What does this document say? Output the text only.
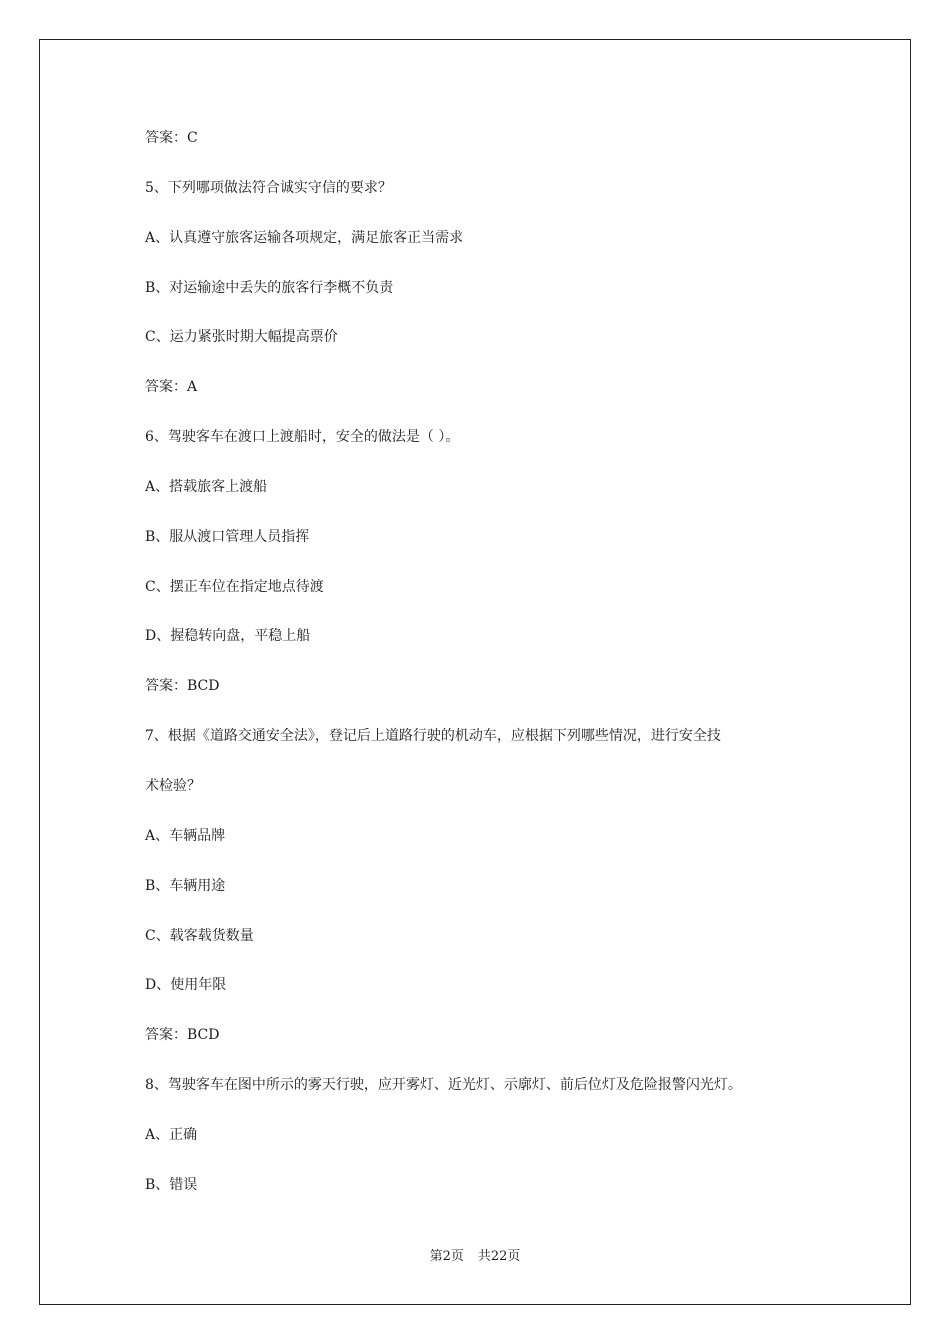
答案：C
5、下列哪项做法符合诚实守信的要求？
A、认真遵守旅客运输各项规定，满足旅客正当需求
B、对运输途中丢失的旅客行李概不负责
C、运力紧张时期大幅提高票价
答案：A
6、驾驶客车在渡口上渡船时，安全的做法是（ ）。
A、搭载旅客上渡船
B、服从渡口管理人员指挥
C、摆正车位在指定地点待渡
D、握稳转向盘，平稳上船
答案：BCD
7、根据《道路交通安全法》，登记后上道路行驶的机动车，应根据下列哪些情况，进行安全技
术检验？
A、车辆品牌
B、车辆用途
C、载客载货数量
D、使用年限
答案：BCD
8、驾驶客车在图中所示的雾天行驶，应开雾灯、近光灯、示廓灯、前后位灯及危险报警闪光灯。
A、正确
B、错误
第2页 共22页
